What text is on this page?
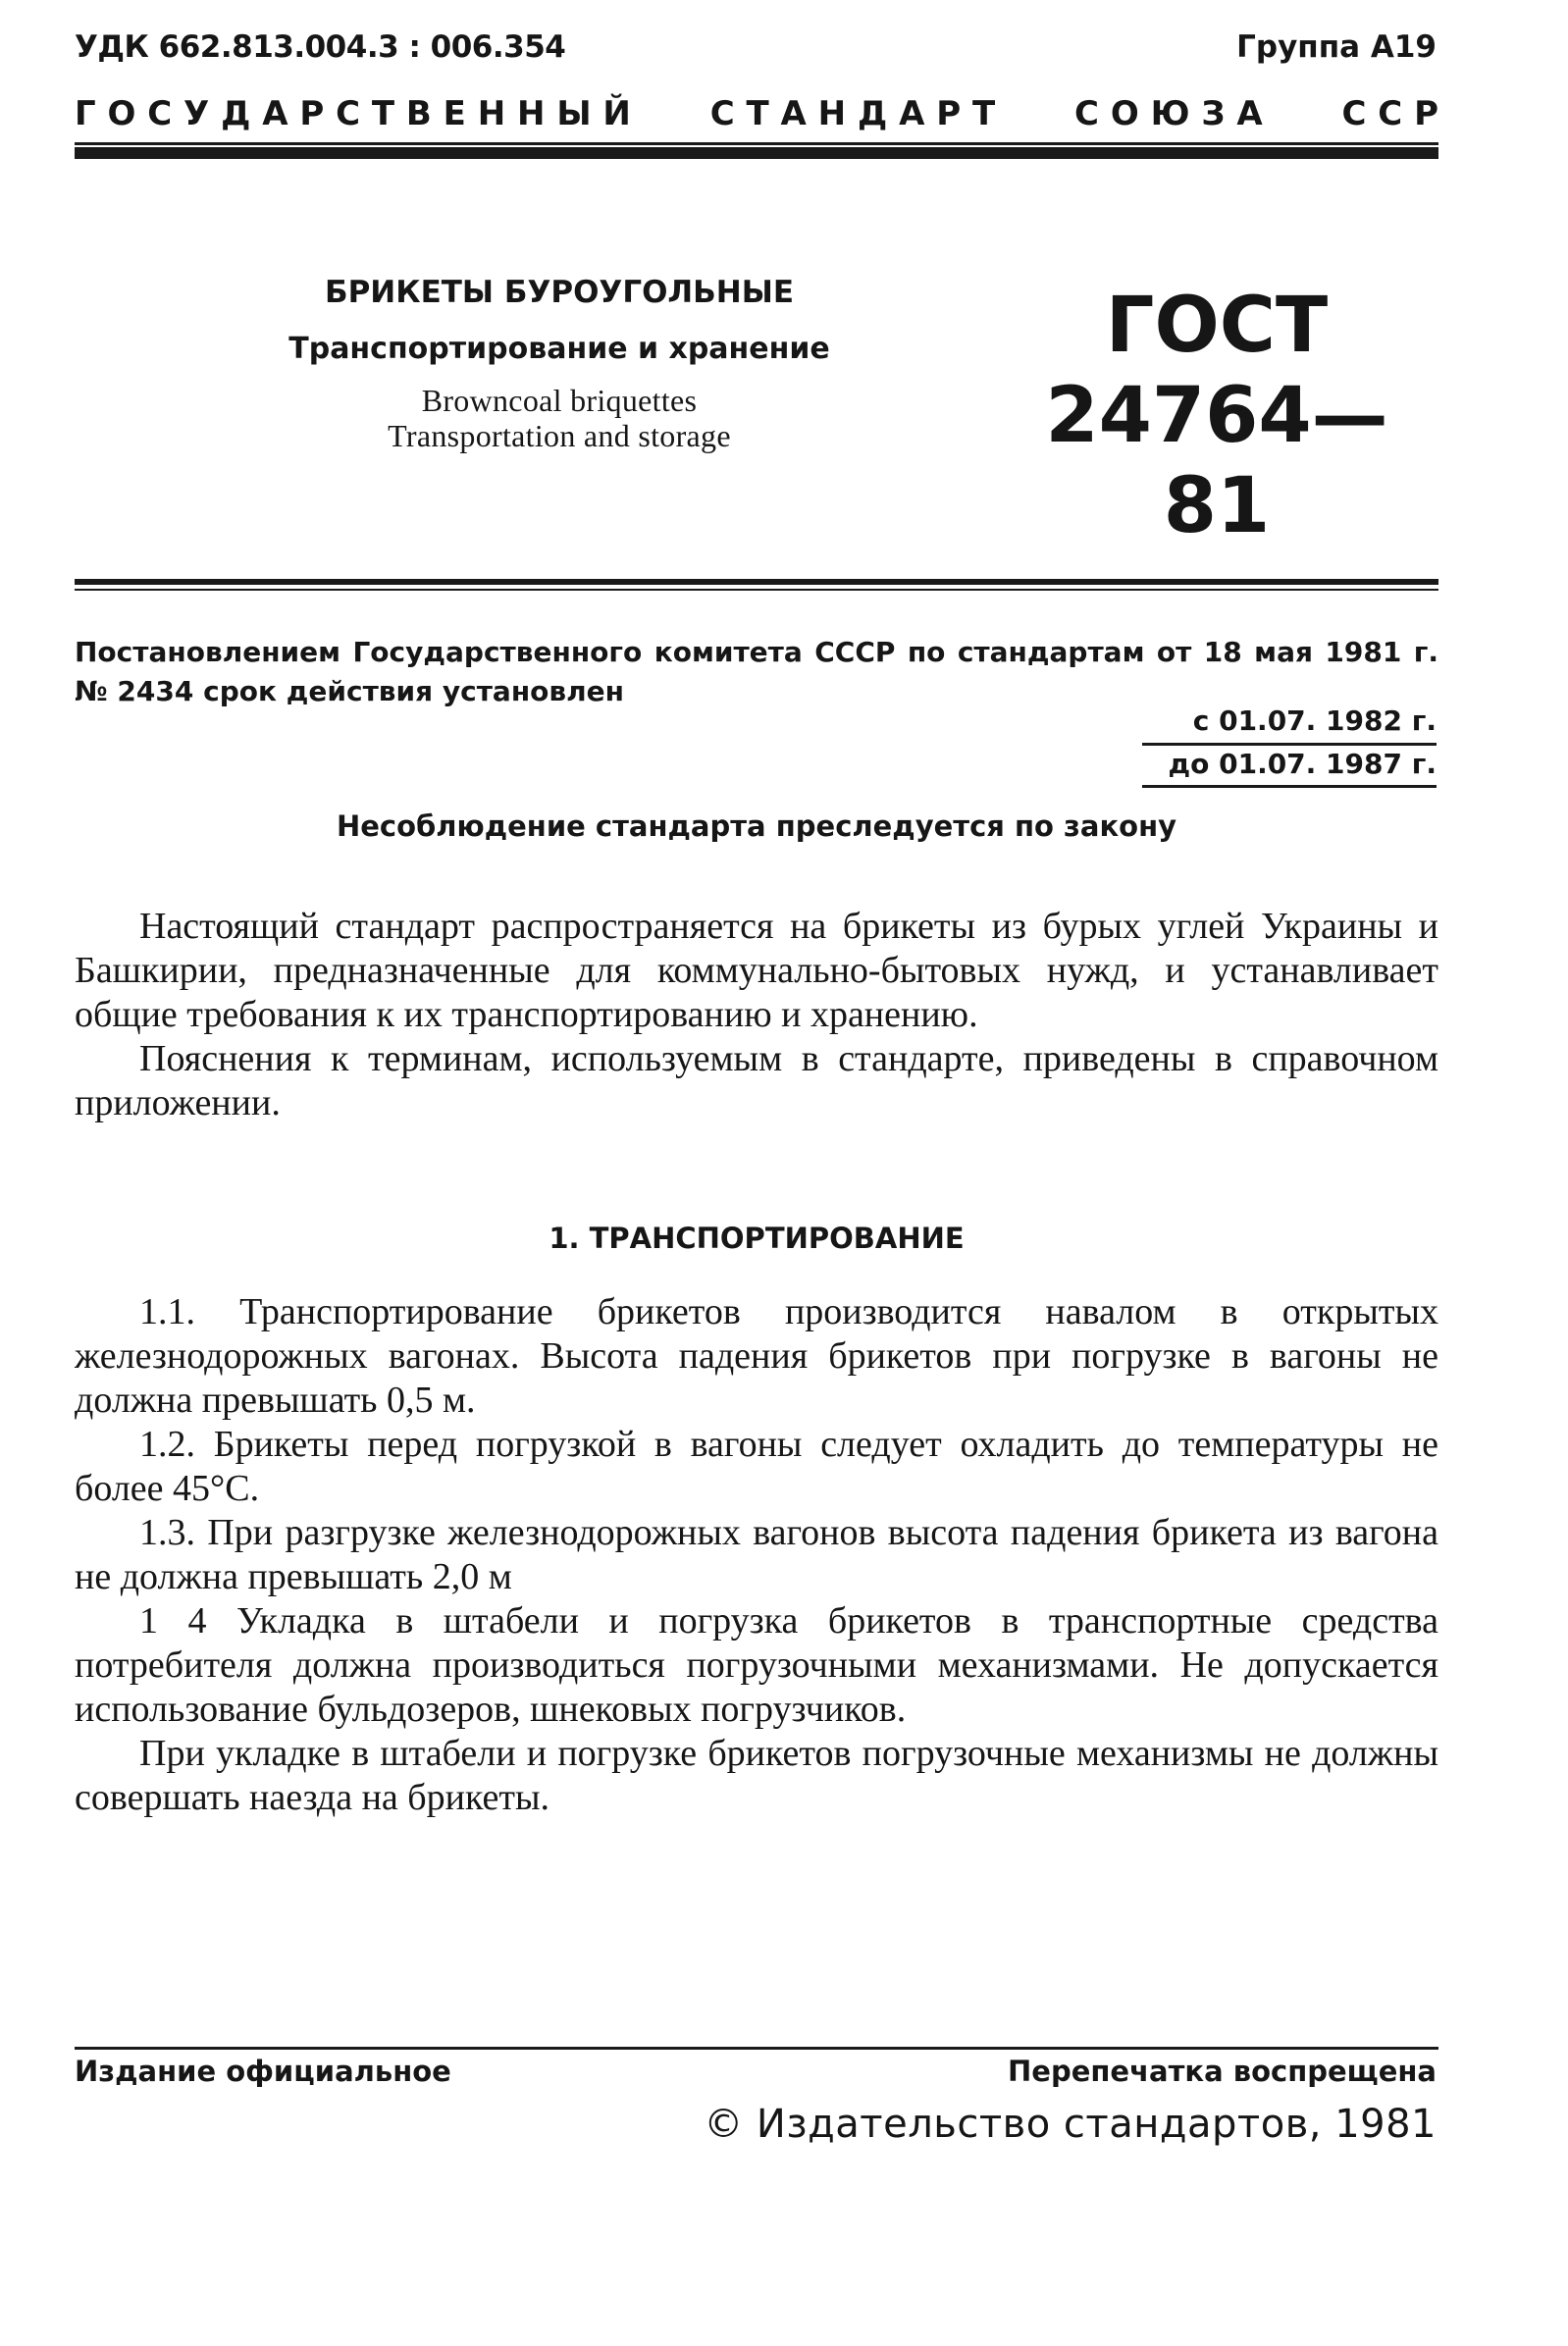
УДК 662.813.004.3 : 006.354	Группа А19
Г О С У Д А Р С Т В Е Н Н Ы Й С Т А Н Д А Р Т С О Ю З А С С Р
БРИКЕТЫ БУРОУГОЛЬНЫЕ
Транспортирование и хранение
Browncoal briquettes
Transportation and storage
ГОСТ
24764—81
Постановлением Государственного комитета СССР по стандартам от 18 мая 1981 г. № 2434 срок действия установлен
с 01.07. 1982 г.
до 01.07. 1987 г.
Несоблюдение стандарта преследуется по закону

Настоящий стандарт распространяется на брикеты из бурых углей Украины и Башкирии, предназначенные для коммунально-бытовых нужд, и устанавливает общие требования к их транспортированию и хранению.

Пояснения к терминам, используемым в стандарте, приведены в справочном приложении.

1. ТРАНСПОРТИРОВАНИЕ

1.1. Транспортирование брикетов производится навалом в открытых железнодорожных вагонах. Высота падения брикетов при погрузке в вагоны не должна превышать 0,5 м.

1.2. Брикеты перед погрузкой в вагоны следует охладить до температуры не более 45°С.

1.3. При разгрузке железнодорожных вагонов высота падения брикета из вагона не должна превышать 2,0 м

1 4 Укладка в штабели и погрузка брикетов в транспортные средства потребителя должна производиться погрузочными механизмами. Не допускается использование бульдозеров, шнековых погрузчиков.

При укладке в штабели и погрузке брикетов погрузочные механизмы не должны совершать наезда на брикеты.

Издание официальное	Перепечатка воспрещена
© Издательство стандартов, 1981
